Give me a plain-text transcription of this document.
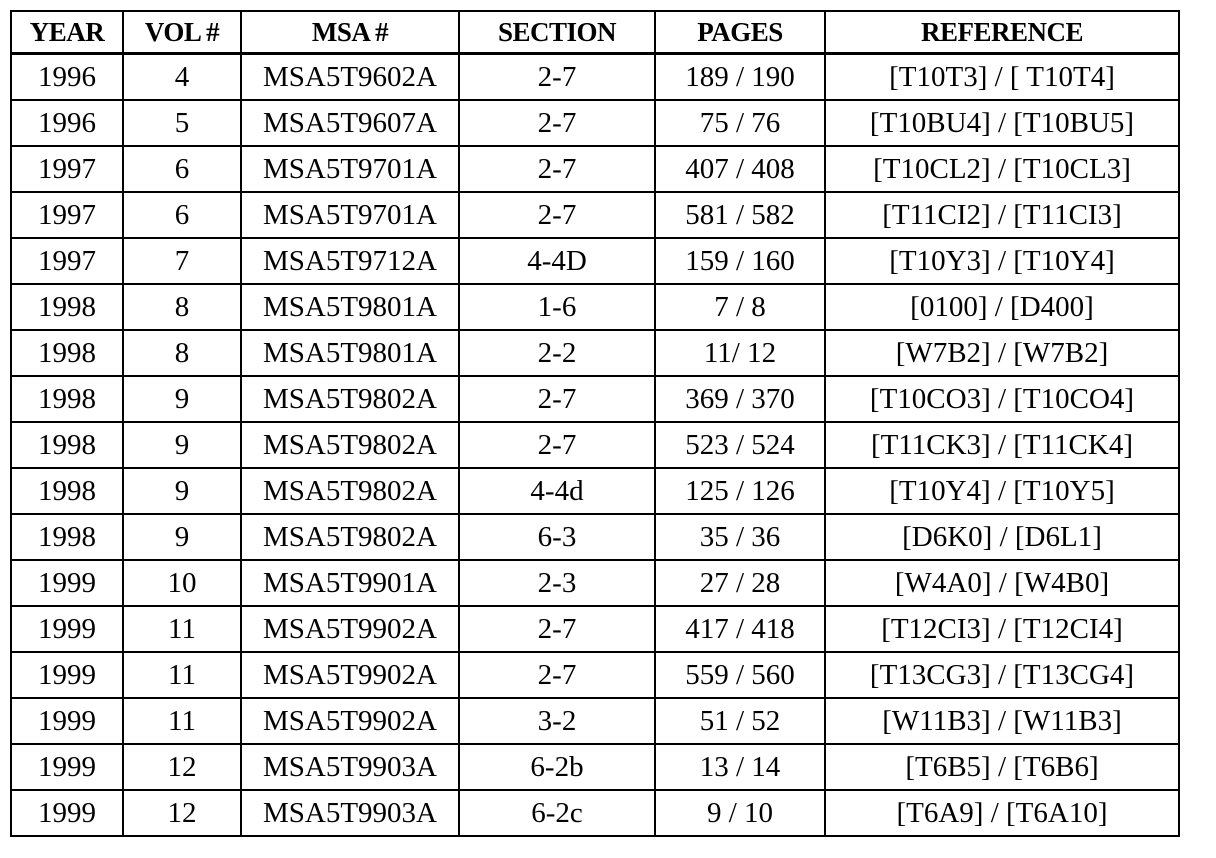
YEAR	VOL #	MSA #	SECTION	PAGES	REFERENCE
1996	4	MSA5T9602A	2-7	189 / 190	[T10T3] / [ T10T4]
1996	5	MSA5T9607A	2-7	75 / 76	[T10BU4] / [T10BU5]
1997	6	MSA5T9701A	2-7	407 / 408	[T10CL2] / [T10CL3]
1997	6	MSA5T9701A	2-7	581 / 582	[T11CI2] / [T11CI3]
1997	7	MSA5T9712A	4-4D	159 / 160	[T10Y3] / [T10Y4]
1998	8	MSA5T9801A	1-6	7 / 8	[0100] / [D400]
1998	8	MSA5T9801A	2-2	11/ 12	[W7B2] / [W7B2]
1998	9	MSA5T9802A	2-7	369 / 370	[T10CO3] / [T10CO4]
1998	9	MSA5T9802A	2-7	523 / 524	[T11CK3] / [T11CK4]
1998	9	MSA5T9802A	4-4d	125 / 126	[T10Y4] / [T10Y5]
1998	9	MSA5T9802A	6-3	35 / 36	[D6K0] / [D6L1]
1999	10	MSA5T9901A	2-3	27 / 28	[W4A0] / [W4B0]
1999	11	MSA5T9902A	2-7	417 / 418	[T12CI3] / [T12CI4]
1999	11	MSA5T9902A	2-7	559 / 560	[T13CG3] / [T13CG4]
1999	11	MSA5T9902A	3-2	51 / 52	[W11B3] / [W11B3]
1999	12	MSA5T9903A	6-2b	13 / 14	[T6B5] / [T6B6]
1999	12	MSA5T9903A	6-2c	9 / 10	[T6A9] / [T6A10]
